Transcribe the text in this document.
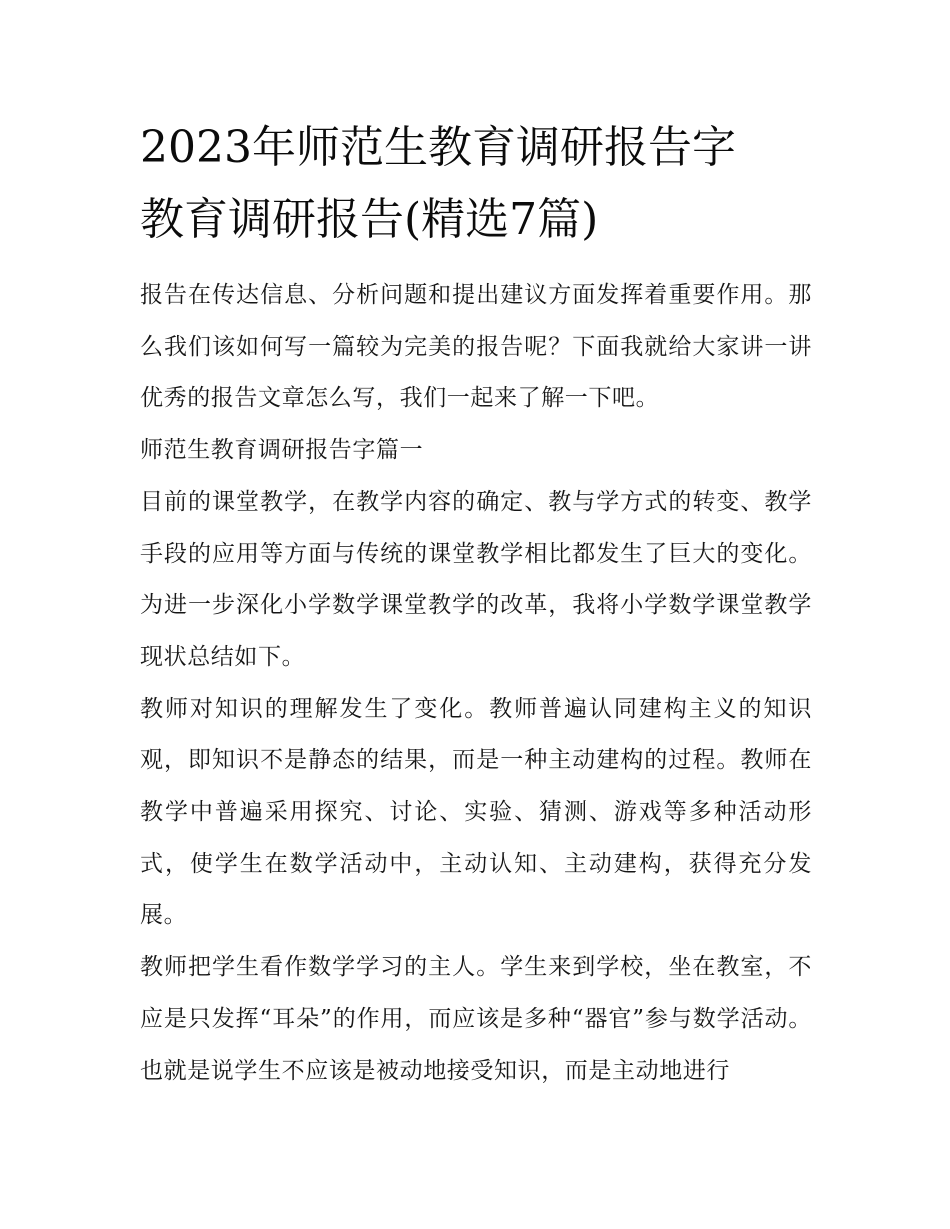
2023年师范生教育调研报告字
教育调研报告(精选7篇)

报告在传达信息、分析问题和提出建议方面发挥着重要作用。那么我们该如何写一篇较为完美的报告呢？下面我就给大家讲一讲优秀的报告文章怎么写，我们一起来了解一下吧。

师范生教育调研报告字篇一

目前的课堂教学，在教学内容的确定、教与学方式的转变、教学手段的应用等方面与传统的课堂教学相比都发生了巨大的变化。为进一步深化小学数学课堂教学的改革，我将小学数学课堂教学现状总结如下。

教师对知识的理解发生了变化。教师普遍认同建构主义的知识观，即知识不是静态的结果，而是一种主动建构的过程。教师在教学中普遍采用探究、讨论、实验、猜测、游戏等多种活动形式，使学生在数学活动中，主动认知、主动建构，获得充分发展。

教师把学生看作数学学习的主人。学生来到学校，坐在教室，不应是只发挥“耳朵”的作用，而应该是多种“器官”参与数学活动。也就是说学生不应该是被动地接受知识，而是主动地进行
